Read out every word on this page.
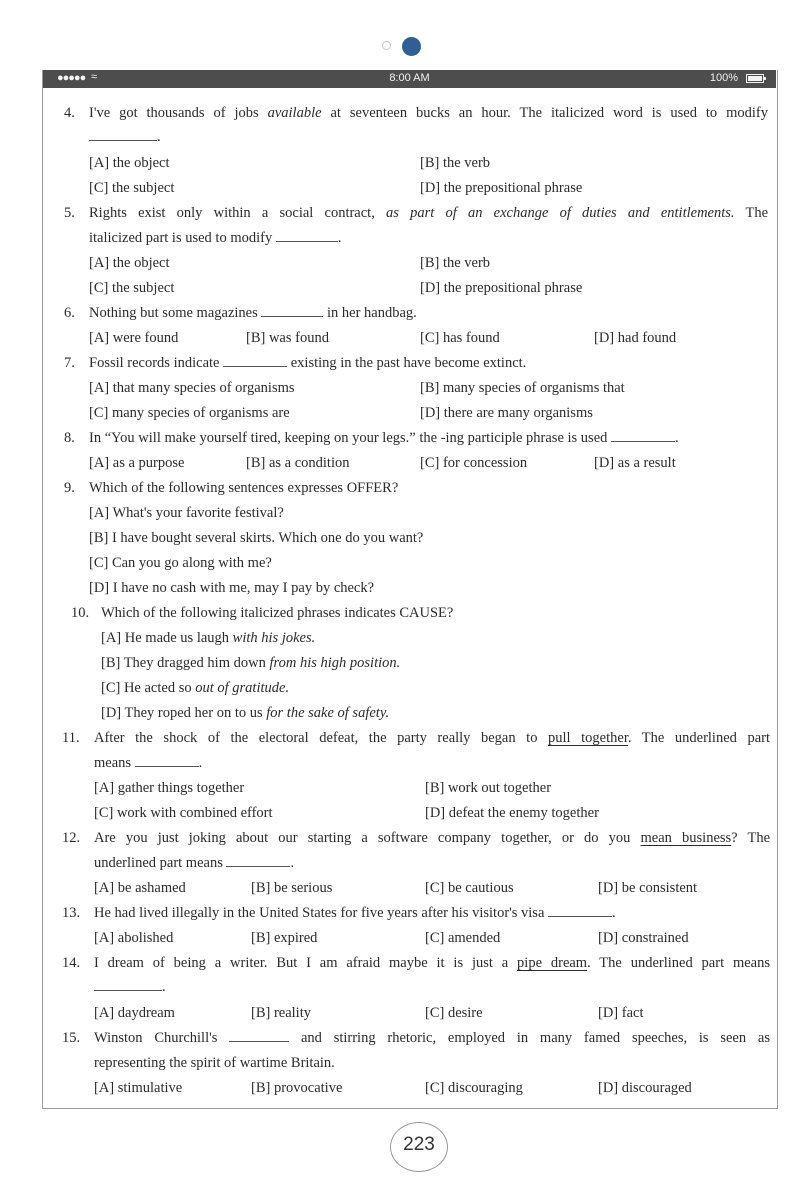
●●●●● ≈	8:00 AM	100%
4. I've got thousands of jobs available at seventeen bucks an hour. The italicized word is used to modify
.
[A] the object	[B] the verb
[C] the subject	[D] the prepositional phrase
5. Rights exist only within a social contract, as part of an exchange of duties and entitlements. The
italicized part is used to modify	.
[A] the object	[B] the verb
[C] the subject	[D] the prepositional phrase
6. Nothing but some magazines	in her handbag.
[A] were found	[B] was found	[C] has found	[D] had found
7. Fossil records indicate	existing in the past have become extinct.
[A] that many species of organisms	[B] many species of organisms that
[C] many species of organisms are	[D] there are many organisms
8. In “You will make yourself tired, keeping on your legs.” the -ing participle phrase is used	.
[A] as a purpose	[B] as a condition	[C] for concession	[D] as a result
9. Which of the following sentences expresses OFFER?
[A] What's your favorite festival?
[B] I have bought several skirts. Which one do you want?
[C] Can you go along with me?
[D] I have no cash with me, may I pay by check?
10. Which of the following italicized phrases indicates CAUSE?
[A] He made us laugh with his jokes.
[B] They dragged him down from his high position.
[C] He acted so out of gratitude.
[D] They roped her on to us for the sake of safety.
11. After the shock of the electoral defeat, the party really began to pull together. The underlined part
means	.
[A] gather things together	[B] work out together
[C] work with combined effort	[D] defeat the enemy together
12. Are you just joking about our starting a software company together, or do you mean business? The
underlined part means	.
[A] be ashamed	[B] be serious	[C] be cautious	[D] be consistent
13. He had lived illegally in the United States for five years after his visitor's visa	.
[A] abolished	[B] expired	[C] amended	[D] constrained
14. I dream of being a writer. But I am afraid maybe it is just a pipe dream. The underlined part means
.
[A] daydream	[B] reality	[C] desire	[D] fact
15. Winston Churchill's	and stirring rhetoric, employed in many famed speeches, is seen as
representing the spirit of wartime Britain.
[A] stimulative	[B] provocative	[C] discouraging	[D] discouraged
223
